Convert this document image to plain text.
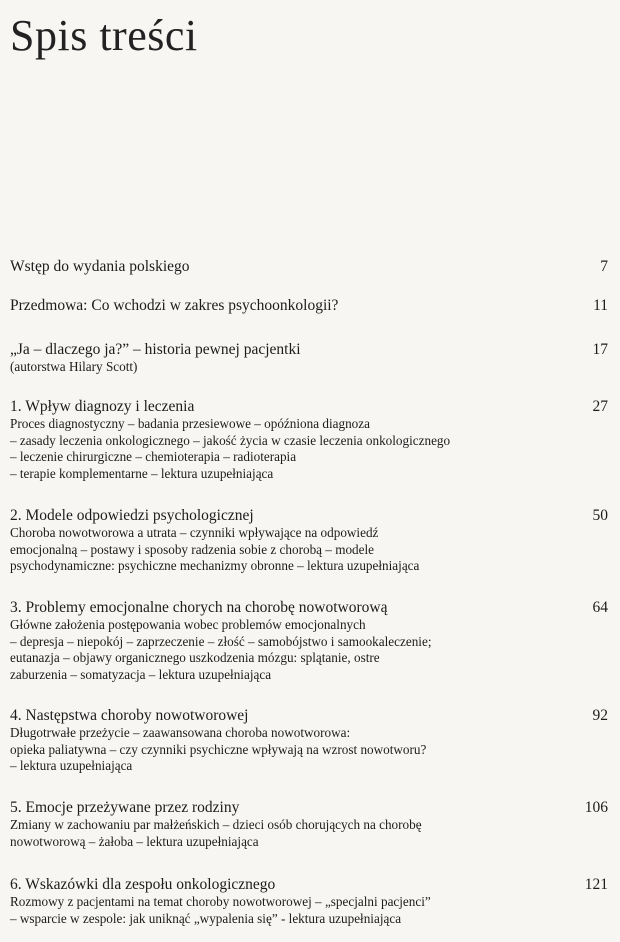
Spis treści
Wstęp do wydania polskiego	7
Przedmowa: Co wchodzi w zakres psychoonkologii?	11
„Ja – dlaczego ja?” – historia pewnej pacjentki	17
(autorstwa Hilary Scott)
1. Wpływ diagnozy i leczenia	27
Proces diagnostyczny – badania przesiewowe – opóźniona diagnoza
– zasady leczenia onkologicznego – jakość życia w czasie leczenia onkologicznego
– leczenie chirurgiczne – chemioterapia – radioterapia
– terapie komplementarne – lektura uzupełniająca
2. Modele odpowiedzi psychologicznej	50
Choroba nowotworowa a utrata – czynniki wpływające na odpowiedź
emocjonalną – postawy i sposoby radzenia sobie z chorobą – modele
psychodynamiczne: psychiczne mechanizmy obronne – lektura uzupełniająca
3. Problemy emocjonalne chorych na chorobę nowotworową	64
Główne założenia postępowania wobec problemów emocjonalnych
– depresja – niepokój – zaprzeczenie – złość – samobójstwo i samookaleczenie;
eutanazja – objawy organicznego uszkodzenia mózgu: splątanie, ostre
zaburzenia – somatyzacja – lektura uzupełniająca
4. Następstwa choroby nowotworowej	92
Długotrwałe przeżycie – zaawansowana choroba nowotworowa:
opieka paliatywna – czy czynniki psychiczne wpływają na wzrost nowotworu?
– lektura uzupełniająca
5. Emocje przeżywane przez rodziny	106
Zmiany w zachowaniu par małżeńskich – dzieci osób chorujących na chorobę
nowotworową – żałoba – lektura uzupełniająca
6. Wskazówki dla zespołu onkologicznego	121
Rozmowy z pacjentami na temat choroby nowotworowej – „specjalni pacjenci”
– wsparcie w zespole: jak uniknąć „wypalenia się” - lektura uzupełniająca
